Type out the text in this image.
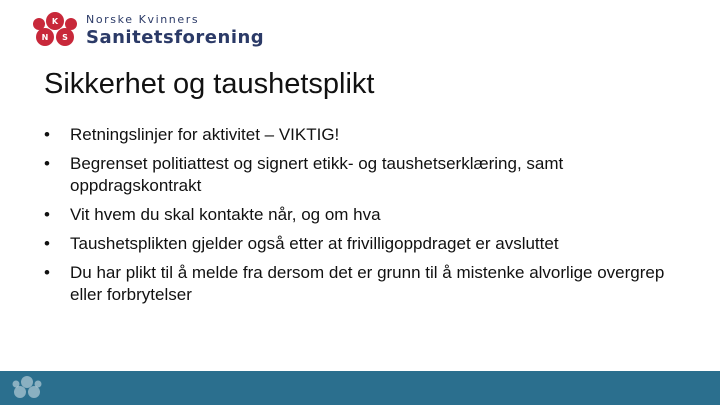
K
N S
Norske Kvinners
Sanitetsforening
Sikkerhet og taushetsplikt
•	Retningslinjer for aktivitet – VIKTIG!
•	Begrenset politiattest og signert etikk- og taushetserklæring, samt oppdragskontrakt
•	Vit hvem du skal kontakte når, og om hva
•	Taushetsplikten gjelder også etter at frivilligoppdraget er avsluttet
•	Du har plikt til å melde fra dersom det er grunn til å mistenke alvorlige overgrep eller forbrytelser
